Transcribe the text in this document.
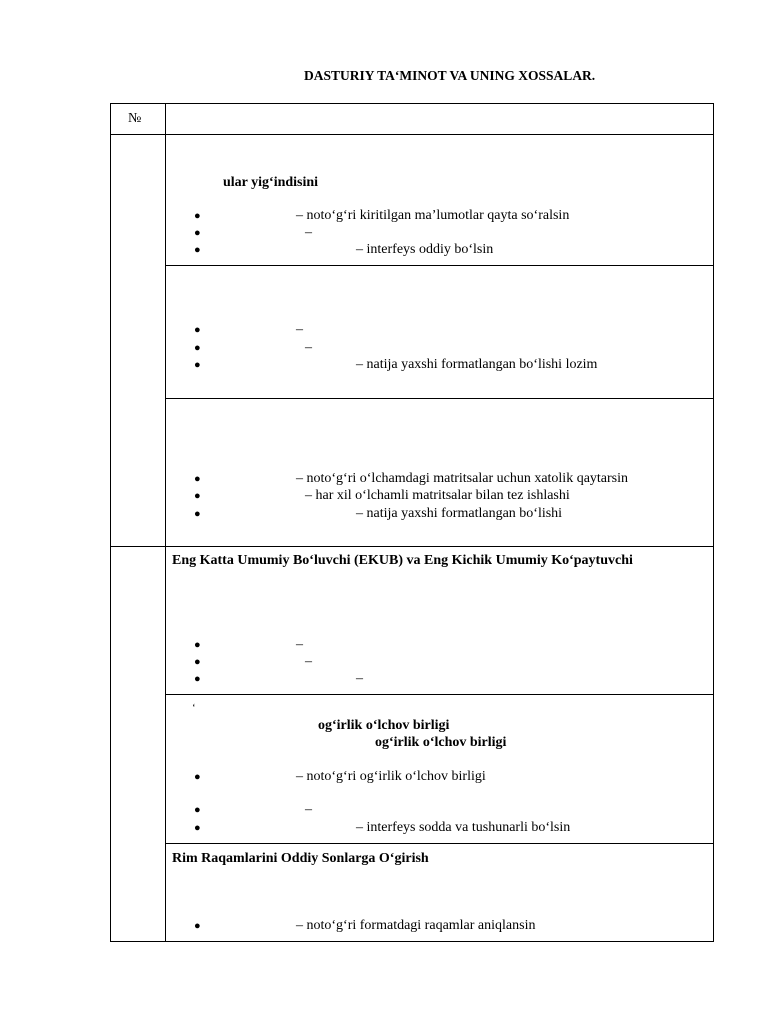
DASTURIY TA‘MINOT VA UNING XOSSALAR.
№
ular yig‘indisini
●	– noto‘g‘ri kiritilgan ma’lumotlar qayta so‘ralsin
●	–
●	– interfeys oddiy bo‘lsin
●	–
●	–
●	– natija yaxshi formatlangan bo‘lishi lozim
●	– noto‘g‘ri o‘lchamdagi matritsalar uchun xatolik qaytarsin
●	– har xil o‘lchamli matritsalar bilan tez ishlashi
●	– natija yaxshi formatlangan bo‘lishi
Eng Katta Umumiy Bo‘luvchi (EKUB) va Eng Kichik Umumiy Ko‘paytuvchi
●	–
●	–
●	–
‘
og‘irlik o‘lchov birligi
og‘irlik o‘lchov birligi
●	– noto‘g‘ri og‘irlik o‘lchov birligi
●	–
●	– interfeys sodda va tushunarli bo‘lsin
Rim Raqamlarini Oddiy Sonlarga O‘girish
●	– noto‘g‘ri formatdagi raqamlar aniqlansin
